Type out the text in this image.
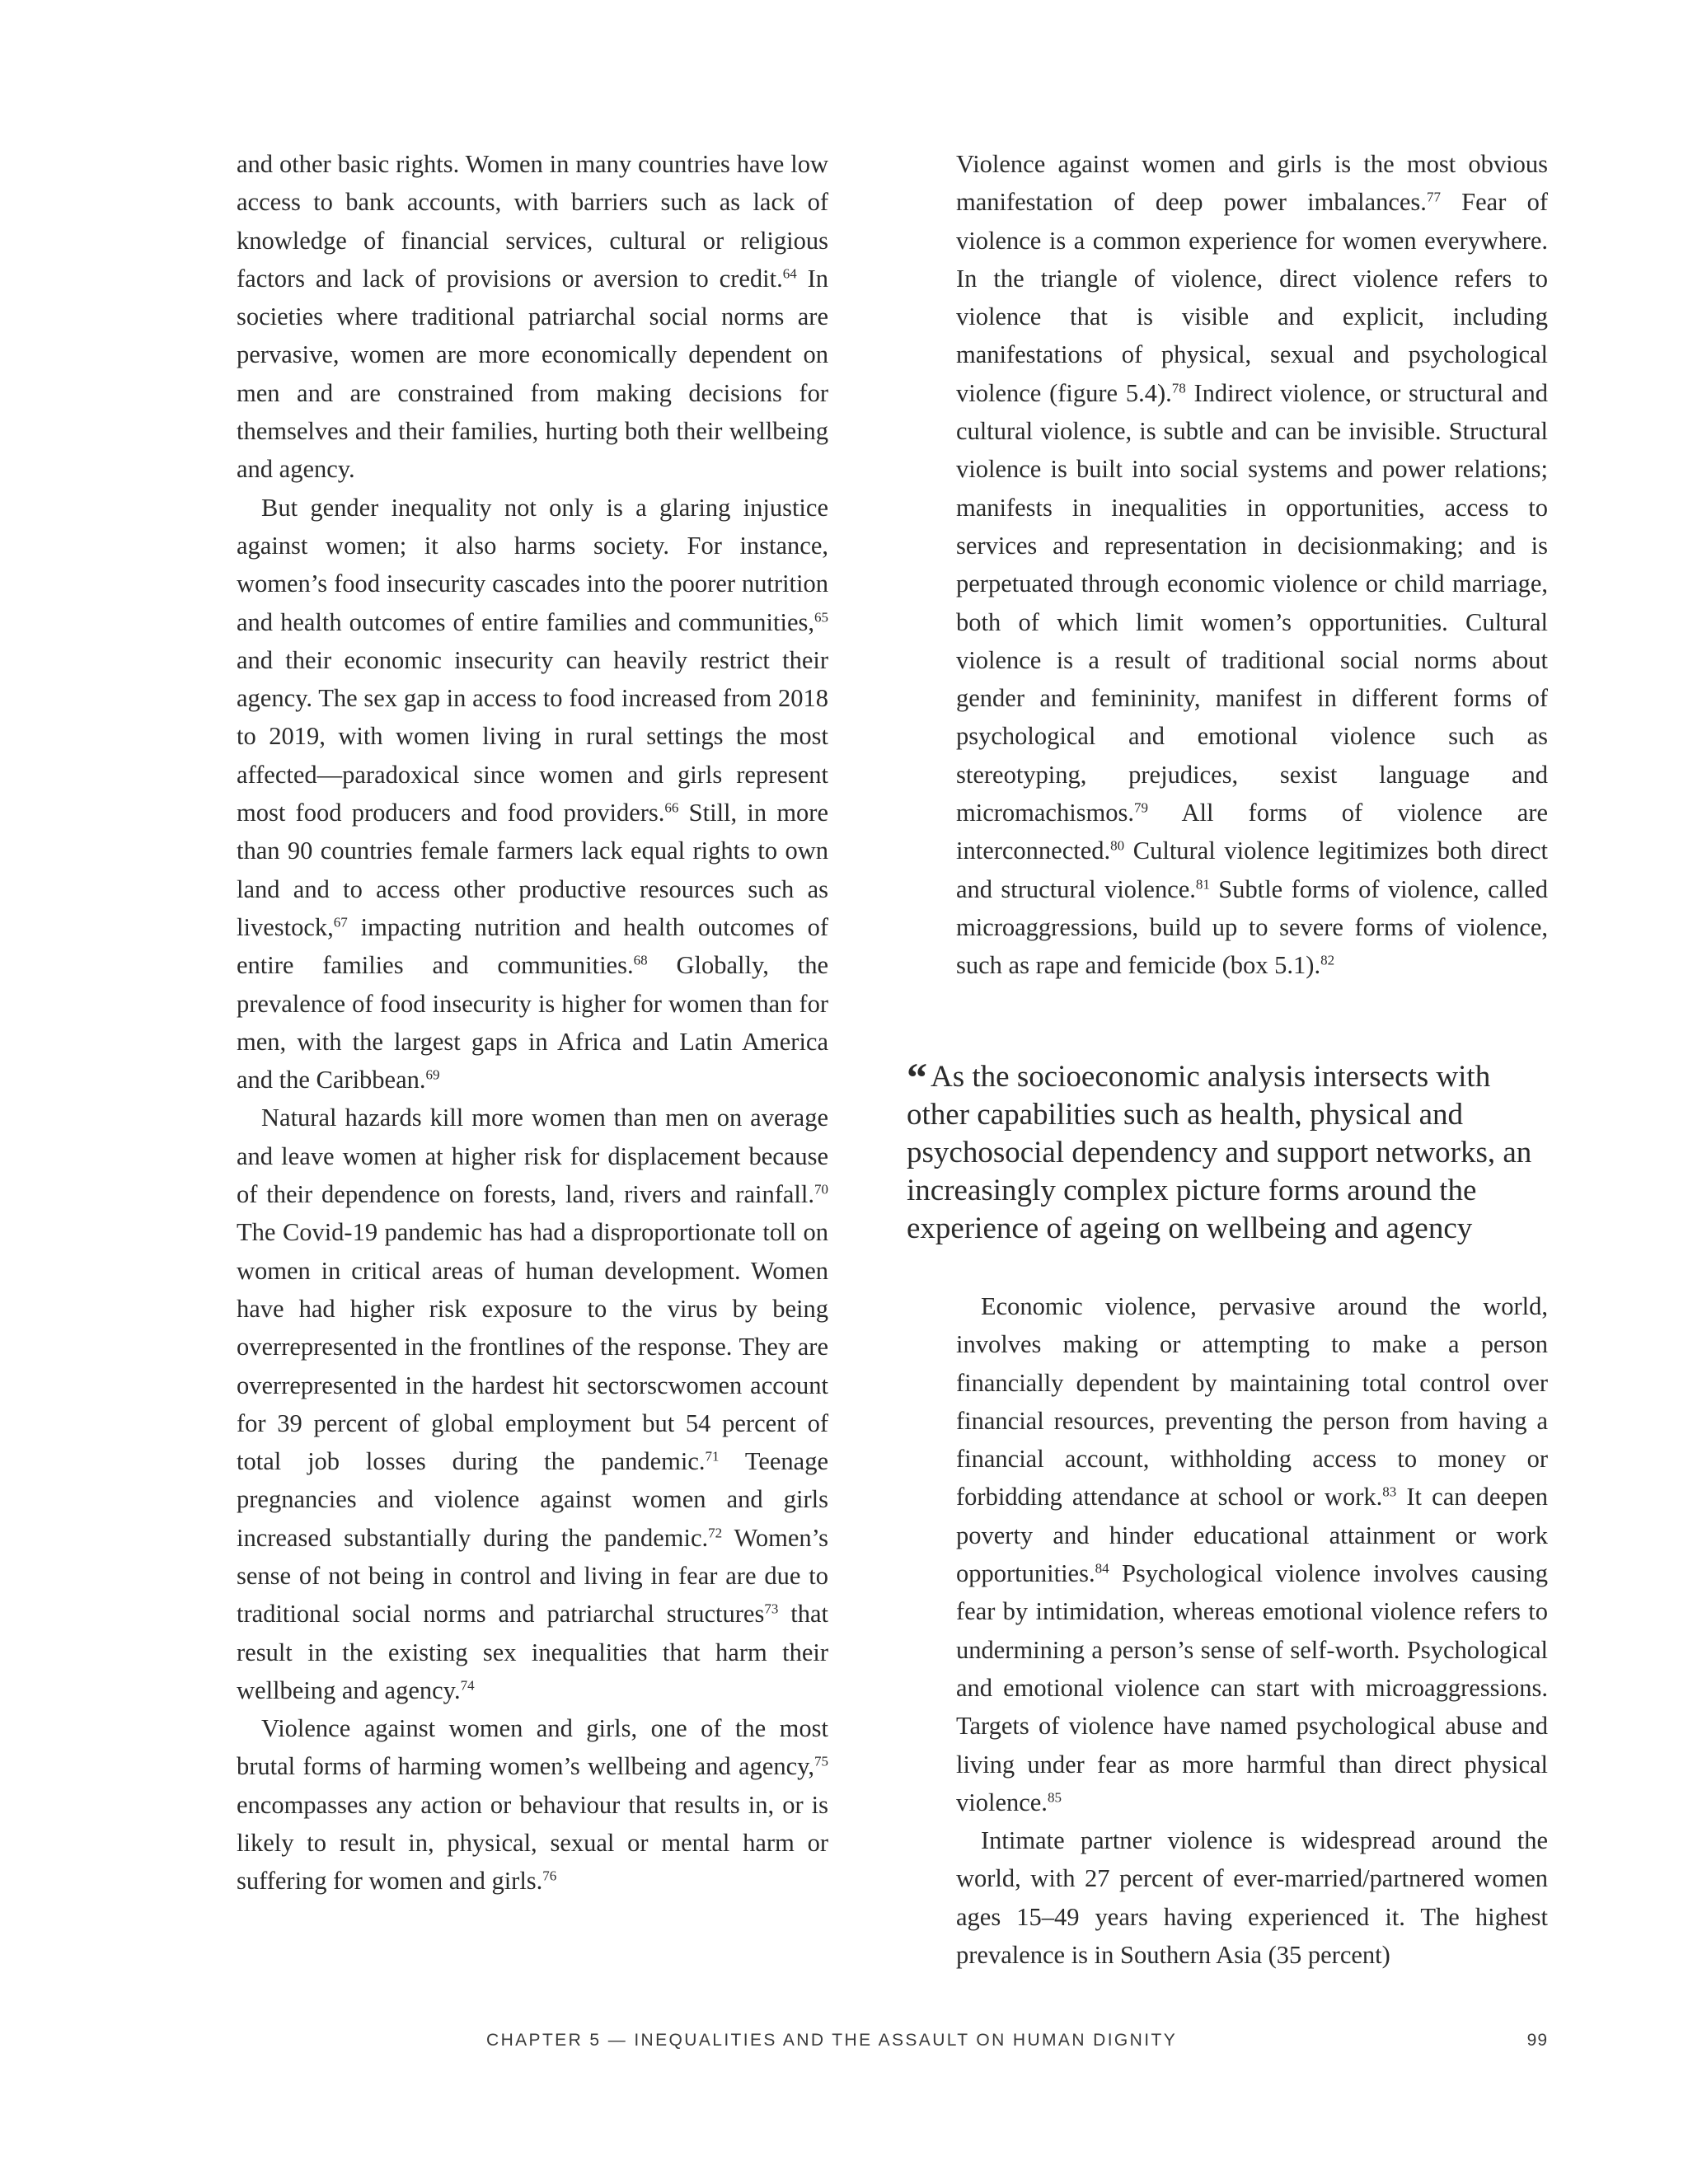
and other basic rights. Women in many countries have low access to bank accounts, with barriers such as lack of knowledge of financial services, cultural or religious factors and lack of provisions or aversion to credit.$^{64}$ In societies where traditional patriarchal social norms are pervasive, women are more economically dependent on men and are constrained from making decisions for themselves and their families, hurting both their wellbeing and agency.

But gender inequality not only is a glaring injustice against women; it also harms society. For instance, women’s food insecurity cascades into the poorer nutrition and health outcomes of entire families and communities,$^{65}$ and their economic insecurity can heavily restrict their agency. The sex gap in access to food increased from 2018 to 2019, with women living in rural settings the most affected—paradoxical since women and girls represent most food producers and food providers.$^{66}$ Still, in more than 90 countries female farmers lack equal rights to own land and to access other productive resources such as livestock,$^{67}$ impacting nutrition and health outcomes of entire families and communities.$^{68}$ Globally, the prevalence of food insecurity is higher for women than for men, with the largest gaps in Africa and Latin America and the Caribbean.$^{69}$

Natural hazards kill more women than men on average and leave women at higher risk for displacement because of their dependence on forests, land, rivers and rainfall.$^{70}$ The Covid-19 pandemic has had a disproportionate toll on women in critical areas of human development. Women have had higher risk exposure to the virus by being overrepresented in the frontlines of the response. They are overrepresented in the hardest hit sectorscwomen account for 39 percent of global employment but 54 percent of total job losses during the pandemic.$^{71}$ Teenage pregnancies and violence against women and girls increased substantially during the pandemic.$^{72}$ Women’s sense of not being in control and living in fear are due to traditional social norms and patriarchal structures$^{73}$ that result in the existing sex inequalities that harm their wellbeing and agency.$^{74}$

Violence against women and girls, one of the most brutal forms of harming women’s wellbeing and agency,$^{75}$ encompasses any action or behaviour that results in, or is likely to result in, physical, sexual or mental harm or suffering for women and girls.$^{76}$

Violence against women and girls is the most obvious manifestation of deep power imbalances.$^{77}$ Fear of violence is a common experience for women everywhere. In the triangle of violence, direct violence refers to violence that is visible and explicit, including manifestations of physical, sexual and psychological violence (figure 5.4).$^{78}$ Indirect violence, or structural and cultural violence, is subtle and can be invisible. Structural violence is built into social systems and power relations; manifests in inequalities in opportunities, access to services and representation in decisionmaking; and is perpetuated through economic violence or child marriage, both of which limit women’s opportunities. Cultural violence is a result of traditional social norms about gender and femininity, manifest in different forms of psychological and emotional violence such as stereotyping, prejudices, sexist language and micromachismos.$^{79}$ All forms of violence are interconnected.$^{80}$ Cultural violence legitimizes both direct and structural violence.$^{81}$ Subtle forms of violence, called microaggressions, build up to severe forms of violence, such as rape and femicide (box 5.1).$^{82}$

“ As the socioeconomic analysis intersects with other capabilities such as health, physical and psychosocial dependency and support networks, an increasingly complex picture forms around the experience of ageing on wellbeing and agency

Economic violence, pervasive around the world, involves making or attempting to make a person financially dependent by maintaining total control over financial resources, preventing the person from having a financial account, withholding access to money or forbidding attendance at school or work.$^{83}$ It can deepen poverty and hinder educational attainment or work opportunities.$^{84}$ Psychological violence involves causing fear by intimidation, whereas emotional violence refers to undermining a person’s sense of self-worth. Psychological and emotional violence can start with microaggressions. Targets of violence have named psychological abuse and living under fear as more harmful than direct physical violence.$^{85}$

Intimate partner violence is widespread around the world, with 27 percent of ever-married/partnered women ages 15–49 years having experienced it. The highest prevalence is in Southern Asia (35 percent)

CHAPTER 5 — INEQUALITIES AND THE ASSAULT ON HUMAN DIGNITY	99
